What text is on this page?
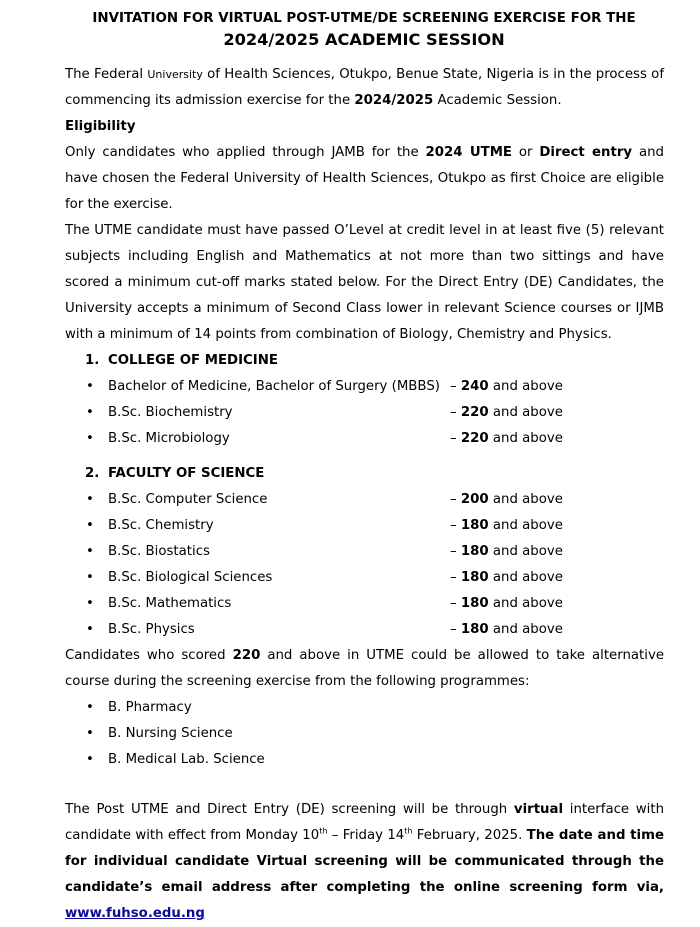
INVITATION FOR VIRTUAL POST-UTME/DE SCREENING EXERCISE FOR THE
2024/2025 ACADEMIC SESSION

The Federal University of Health Sciences, Otukpo, Benue State, Nigeria is in the process of commencing its admission exercise for the 2024/2025 Academic Session.

Eligibility

Only candidates who applied through JAMB for the 2024 UTME or Direct entry and have chosen the Federal University of Health Sciences, Otukpo as first Choice are eligible for the exercise.

The UTME candidate must have passed O’Level at credit level in at least five (5) relevant subjects including English and Mathematics at not more than two sittings and have scored a minimum cut-off marks stated below. For the Direct Entry (DE) Candidates, the University accepts a minimum of Second Class lower in relevant Science courses or IJMB with a minimum of 14 points from combination of Biology, Chemistry and Physics.

1. COLLEGE OF MEDICINE
• Bachelor of Medicine, Bachelor of Surgery (MBBS) – 240 and above
• B.Sc. Biochemistry	– 220 and above
• B.Sc. Microbiology	– 220 and above
2. FACULTY OF SCIENCE
• B.Sc. Computer Science	– 200 and above
• B.Sc. Chemistry	– 180 and above
• B.Sc. Biostatics	– 180 and above
• B.Sc. Biological Sciences	– 180 and above
• B.Sc. Mathematics	– 180 and above
• B.Sc. Physics	– 180 and above

Candidates who scored 220 and above in UTME could be allowed to take alternative course during the screening exercise from the following programmes:

• B. Pharmacy
• B. Nursing Science
• B. Medical Lab. Science

The Post UTME and Direct Entry (DE) screening will be through virtual interface with candidate with effect from Monday 10th – Friday 14th February, 2025. The date and time for individual candidate Virtual screening will be communicated through the candidate’s email address after completing the online screening form via, www.fuhso.edu.ng
